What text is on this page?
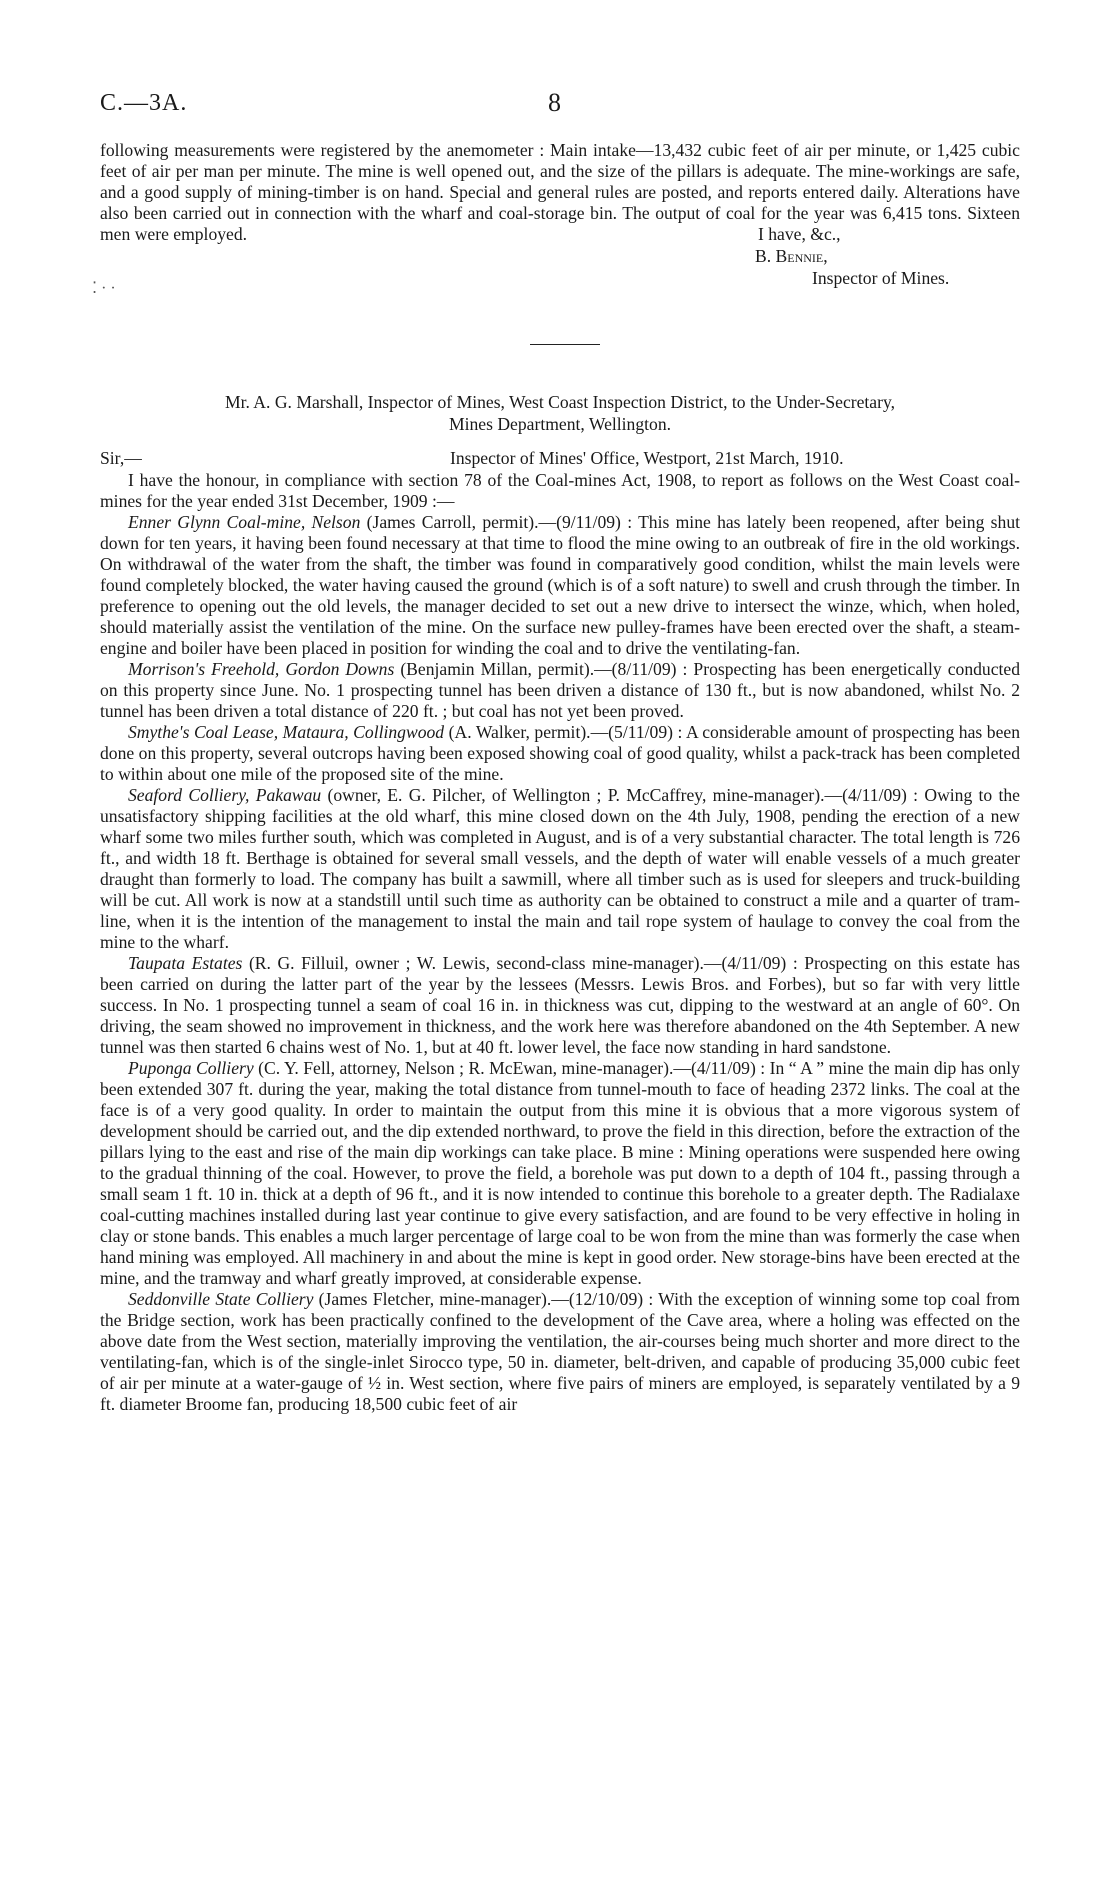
C.—3A.	8

following measurements were registered by the anemometer : Main intake—13,432 cubic feet of air per minute, or 1,425 cubic feet of air per man per minute. The mine is well opened out, and the size of the pillars is adequate. The mine-workings are safe, and a good supply of mining-timber is on hand. Special and general rules are posted, and reports entered daily. Alterations have also been carried out in connection with the wharf and coal-storage bin. The output of coal for the year was 6,415 tons. Sixteen men were employed.	I have, &c.,
B. Bennie,
Inspector of Mines.
⁚ · ·
Mr. A. G. Marshall, Inspector of Mines, West Coast Inspection District, to the Under-Secretary,
Mines Department, Wellington.
Sir,—	Inspector of Mines' Office, Westport, 21st March, 1910.

I have the honour, in compliance with section 78 of the Coal-mines Act, 1908, to report as follows on the West Coast coal-mines for the year ended 31st December, 1909 :—

Enner Glynn Coal-mine, Nelson (James Carroll, permit).—(9/11/09) : This mine has lately been reopened, after being shut down for ten years, it having been found necessary at that time to flood the mine owing to an outbreak of fire in the old workings. On withdrawal of the water from the shaft, the timber was found in comparatively good condition, whilst the main levels were found completely blocked, the water having caused the ground (which is of a soft nature) to swell and crush through the timber. In preference to opening out the old levels, the manager decided to set out a new drive to intersect the winze, which, when holed, should materially assist the ventilation of the mine. On the surface new pulley-frames have been erected over the shaft, a steam-engine and boiler have been placed in position for winding the coal and to drive the ventilating-fan.

Morrison's Freehold, Gordon Downs (Benjamin Millan, permit).—(8/11/09) : Prospecting has been energetically conducted on this property since June. No. 1 prospecting tunnel has been driven a distance of 130 ft., but is now abandoned, whilst No. 2 tunnel has been driven a total distance of 220 ft. ; but coal has not yet been proved.

Smythe's Coal Lease, Mataura, Collingwood (A. Walker, permit).—(5/11/09) : A considerable amount of prospecting has been done on this property, several outcrops having been exposed showing coal of good quality, whilst a pack-track has been completed to within about one mile of the proposed site of the mine.

Seaford Colliery, Pakawau (owner, E. G. Pilcher, of Wellington ; P. McCaffrey, mine-manager).—(4/11/09) : Owing to the unsatisfactory shipping facilities at the old wharf, this mine closed down on the 4th July, 1908, pending the erection of a new wharf some two miles further south, which was completed in August, and is of a very substantial character. The total length is 726 ft., and width 18 ft. Berthage is obtained for several small vessels, and the depth of water will enable vessels of a much greater draught than formerly to load. The company has built a sawmill, where all timber such as is used for sleepers and truck-building will be cut. All work is now at a standstill until such time as authority can be obtained to construct a mile and a quarter of tram-line, when it is the intention of the management to instal the main and tail rope system of haulage to convey the coal from the mine to the wharf.

Taupata Estates (R. G. Filluil, owner ; W. Lewis, second-class mine-manager).—(4/11/09) : Prospecting on this estate has been carried on during the latter part of the year by the lessees (Messrs. Lewis Bros. and Forbes), but so far with very little success. In No. 1 prospecting tunnel a seam of coal 16 in. in thickness was cut, dipping to the westward at an angle of 60°. On driving, the seam showed no improvement in thickness, and the work here was therefore abandoned on the 4th September. A new tunnel was then started 6 chains west of No. 1, but at 40 ft. lower level, the face now standing in hard sandstone.

Puponga Colliery (C. Y. Fell, attorney, Nelson ; R. McEwan, mine-manager).—(4/11/09) : In “ A ” mine the main dip has only been extended 307 ft. during the year, making the total distance from tunnel-mouth to face of heading 2372 links. The coal at the face is of a very good quality. In order to maintain the output from this mine it is obvious that a more vigorous system of development should be carried out, and the dip extended northward, to prove the field in this direction, before the extraction of the pillars lying to the east and rise of the main dip workings can take place. B mine : Mining operations were suspended here owing to the gradual thinning of the coal. However, to prove the field, a borehole was put down to a depth of 104 ft., passing through a small seam 1 ft. 10 in. thick at a depth of 96 ft., and it is now intended to continue this borehole to a greater depth. The Radialaxe coal-cutting machines installed during last year continue to give every satisfaction, and are found to be very effective in holing in clay or stone bands. This enables a much larger percentage of large coal to be won from the mine than was formerly the case when hand mining was employed. All machinery in and about the mine is kept in good order. New storage-bins have been erected at the mine, and the tramway and wharf greatly improved, at considerable expense.

Seddonville State Colliery (James Fletcher, mine-manager).—(12/10/09) : With the exception of winning some top coal from the Bridge section, work has been practically confined to the development of the Cave area, where a holing was effected on the above date from the West section, materially improving the ventilation, the air-courses being much shorter and more direct to the ventilating-fan, which is of the single-inlet Sirocco type, 50 in. diameter, belt-driven, and capable of producing 35,000 cubic feet of air per minute at a water-gauge of ½ in. West section, where five pairs of miners are employed, is separately ventilated by a 9 ft. diameter Broome fan, producing 18,500 cubic feet of air
